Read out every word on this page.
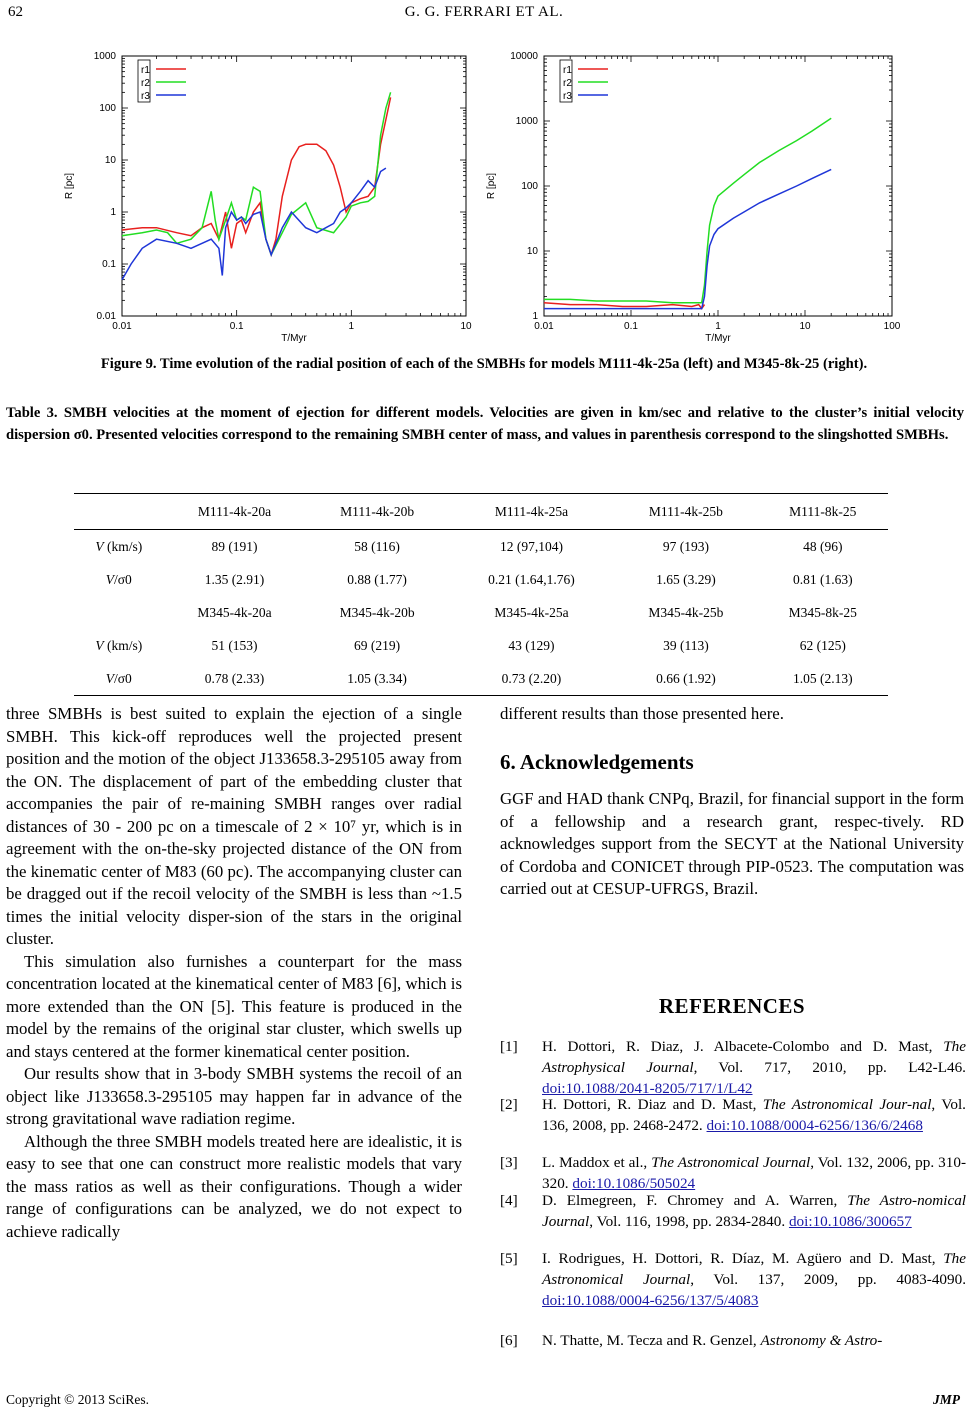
62	G. G. FERRARI ET AL.
0.01	0.1	1	10
0.01
0.1
1
10
100
1000
T/Myr
R [pc]
r1
r2
r3
0.01	0.1	1	10	100
1
10
100
1000
10000
T/Myr
R [pc]
r1
r2
r3
Figure 9. Time evolution of the radial position of each of the SMBHs for models M111-4k-25a (left) and M345-8k-25 (right).
Table 3. SMBH velocities at the moment of ejection for different models. Velocities are given in km/sec and relative to the cluster’s initial velocity dispersion σ0. Presented velocities correspond to the remaining SMBH center of mass, and values in parenthesis correspond to the slingshotted SMBHs.
	M111-4k-20a	M111-4k-20b	M111-4k-25a	M111-4k-25b	M111-8k-25
V (km/s)	89 (191)	58 (116)	12 (97,104)	97 (193)	48 (96)
V/σ0	1.35 (2.91)	0.88 (1.77)	0.21 (1.64,1.76)	1.65 (3.29)	0.81 (1.63)
	M345-4k-20a	M345-4k-20b	M345-4k-25a	M345-4k-25b	M345-8k-25
V (km/s)	51 (153)	69 (219)	43 (129)	39 (113)	62 (125)
V/σ0	0.78 (2.33)	1.05 (3.34)	0.73 (2.20)	0.66 (1.92)	1.05 (2.13)

three SMBHs is best suited to explain the ejection of a single SMBH. This kick-off reproduces well the projected present position and the motion of the object J133658.3-295105 away from the ON. The displacement of part of the embedding cluster that accompanies the pair of re-maining SMBH ranges over radial distances of 30 - 200 pc on a timescale of 2 × 10⁷ yr, which is in agreement with the on-the-sky projected distance of the ON from the kinematic center of M83 (60 pc). The accompanying cluster can be dragged out if the recoil velocity of the SMBH is less than ~1.5 times the initial velocity disper-sion of the stars in the original cluster.

This simulation also furnishes a counterpart for the mass concentration located at the kinematical center of M83 [6], which is more extended than the ON [5]. This feature is produced in the model by the remains of the original star cluster, which swells up and stays centered at the former kinematical center position.

Our results show that in 3-body SMBH systems the recoil of an object like J133658.3-295105 may happen far in advance of the strong gravitational wave radiation regime.

Although the three SMBH models treated here are idealistic, it is easy to see that one can construct more realistic models that vary the mass ratios as well as their configurations. Though a wider range of configurations can be analyzed, we do not expect to achieve radically

different results than those presented here.
6. Acknowledgements
GGF and HAD thank CNPq, Brazil, for financial support in the form of a fellowship and a research grant, respec-tively. RD acknowledges support from the SECYT at the National University of Cordoba and CONICET through PIP-0523. The computation was carried out at CESUP-UFRGS, Brazil.
REFERENCES
[1] H. Dottori, R. Diaz, J. Albacete-Colombo and D. Mast, The Astrophysical Journal, Vol. 717, 2010, pp. L42-L46. doi:10.1088/2041-8205/717/1/L42
[2] H. Dottori, R. Diaz and D. Mast, The Astronomical Jour-nal, Vol. 136, 2008, pp. 2468-2472. doi:10.1088/0004-6256/136/6/2468
[3] L. Maddox et al., The Astronomical Journal, Vol. 132, 2006, pp. 310-320. doi:10.1086/505024
[4] D. Elmegreen, F. Chromey and A. Warren, The Astro-nomical Journal, Vol. 116, 1998, pp. 2834-2840. doi:10.1086/300657
[5] I. Rodrigues, H. Dottori, R. Díaz, M. Agüero and D. Mast, The Astronomical Journal, Vol. 137, 2009, pp. 4083-4090. doi:10.1088/0004-6256/137/5/4083
[6] N. Thatte, M. Tecza and R. Genzel, Astronomy & Astro-
Copyright © 2013 SciRes.	JMP
